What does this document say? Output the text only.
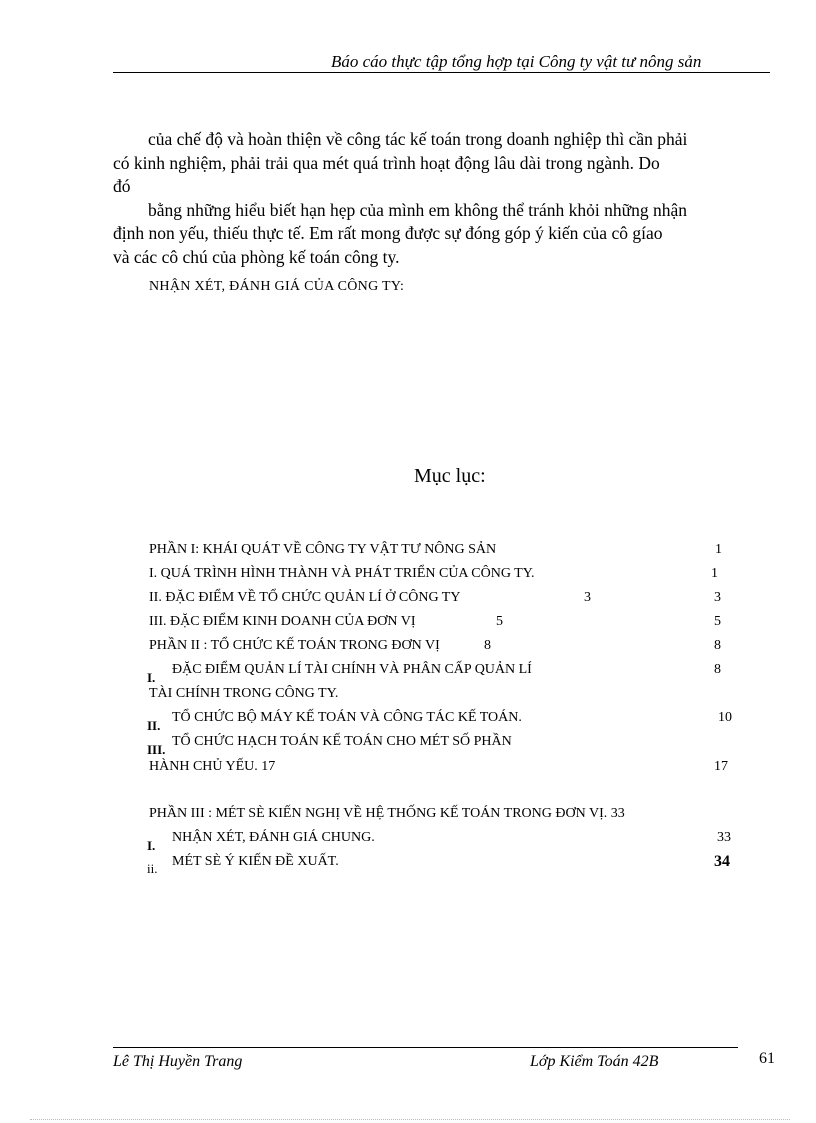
Báo cáo thực tập tổng hợp tại Công ty vật tư nông sản
của chế độ và hoàn thiện về công tác kế toán trong doanh nghiệp thì cần phải
có kinh nghiệm, phải trải qua mét quá trình hoạt động lâu dài trong ngành. Do
đó
bằng những hiểu biết hạn hẹp của mình em không thể tránh khỏi những nhận
định non yếu, thiếu thực tế. Em rất mong được sự đóng góp ý kiến của cô gíao
và các cô chú của phòng kế toán công ty.
NHẬN XÉT, ĐÁNH GIÁ CỦA CÔNG TY:
Mục lục:
PHẦN I: KHÁI QUÁT VỀ CÔNG TY VẬT TƯ NÔNG SẢN	1
I. QUÁ TRÌNH HÌNH THÀNH VÀ PHÁT TRIỂN CỦA CÔNG TY.	1
II. ĐẶC ĐIỂM VỀ TỔ CHỨC QUẢN LÍ Ở CÔNG TY	3	3
III. ĐẶC ĐIỂM KINH DOANH CỦA ĐƠN VỊ	5	5
PHẦN II : TỔ CHỨC KẾ TOÁN TRONG ĐƠN VỊ	8	8
I.
ĐẶC ĐIỂM QUẢN LÍ TÀI CHÍNH VÀ PHÂN CẤP QUẢN LÍ	8
TÀI CHÍNH TRONG CÔNG TY.
II.
TỔ CHỨC BỘ MÁY KẾ TOÁN VÀ CÔNG TÁC KẾ TOÁN.	10
III.
TỔ CHỨC HẠCH TOÁN KẾ TOÁN CHO MÉT SỐ PHẦN
HÀNH CHỦ YẾU. 17	17
PHẦN III : MÉT SÈ KIẾN NGHỊ VỀ HỆ THỐNG KẾ TOÁN TRONG ĐƠN VỊ. 33
I.
NHẬN XÉT, ĐÁNH GIÁ CHUNG.	33
ii. MÉT SÈ Ý KIẾN ĐỀ XUẤT.	34
Lê Thị Huyền Trang	Lớp Kiểm Toán 42B	61
